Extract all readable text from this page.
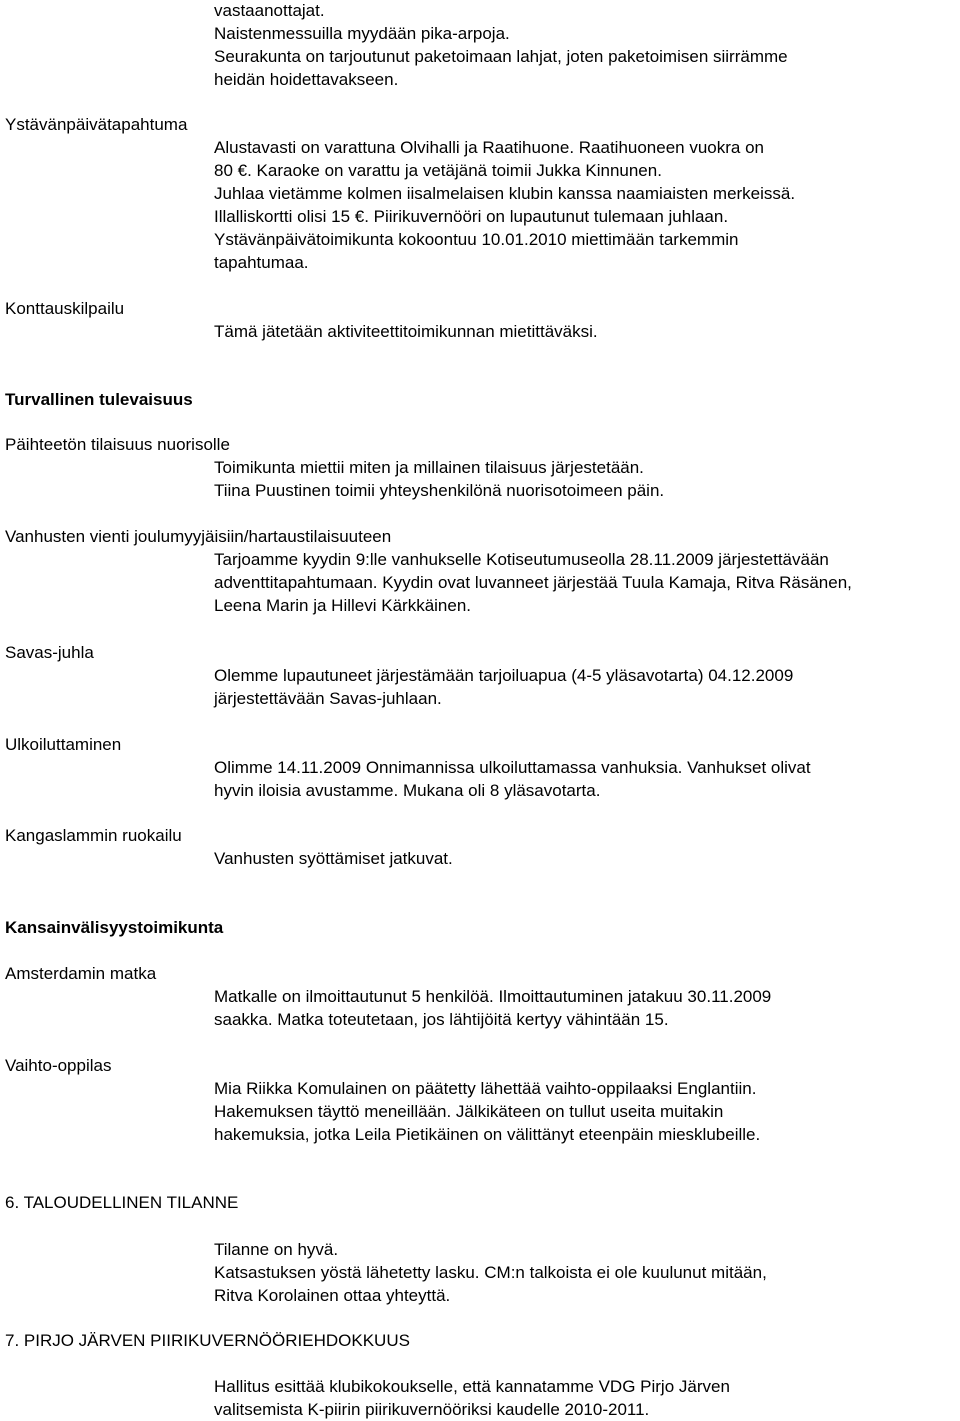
vastaanottajat.

Naistenmessuilla myydään pika-arpoja.

Seurakunta on tarjoutunut paketoimaan lahjat, joten paketoimisen siirrämme

heidän hoidettavakseen.

Ystävänpäivätapahtuma

Alustavasti on varattuna Olvihalli ja Raatihuone. Raatihuoneen vuokra on

80 €. Karaoke on varattu ja vetäjänä toimii Jukka Kinnunen.

Juhlaa vietämme kolmen iisalmelaisen klubin kanssa naamiaisten merkeissä.

Illalliskortti olisi 15 €. Piirikuvernööri on lupautunut tulemaan juhlaan.

Ystävänpäivätoimikunta kokoontuu 10.01.2010 miettimään tarkemmin

tapahtumaa.

Konttauskilpailu

Tämä jätetään aktiviteettitoimikunnan mietittäväksi.

Turvallinen tulevaisuus

Päihteetön tilaisuus nuorisolle

Toimikunta miettii miten ja millainen tilaisuus järjestetään.

Tiina Puustinen toimii yhteyshenkilönä nuorisotoimeen päin.

Vanhusten vienti joulumyyjäisiin/hartaustilaisuuteen

Tarjoamme kyydin 9:lle vanhukselle Kotiseutumuseolla 28.11.2009 järjestettävään

adventtitapahtumaan. Kyydin ovat luvanneet järjestää Tuula Kamaja, Ritva Räsänen,

Leena Marin ja Hillevi Kärkkäinen.

Savas-juhla

Olemme lupautuneet järjestämään tarjoiluapua (4-5 yläsavotarta) 04.12.2009

järjestettävään Savas-juhlaan.

Ulkoiluttaminen

Olimme 14.11.2009 Onnimannissa ulkoiluttamassa vanhuksia. Vanhukset olivat

hyvin iloisia avustamme. Mukana oli 8 yläsavotarta.

Kangaslammin ruokailu

Vanhusten syöttämiset jatkuvat.

Kansainvälisyystoimikunta

Amsterdamin matka

Matkalle on ilmoittautunut 5 henkilöä. Ilmoittautuminen jatakuu 30.11.2009

saakka. Matka toteutetaan, jos lähtijöitä kertyy vähintään 15.

Vaihto-oppilas

Mia Riikka Komulainen on päätetty lähettää vaihto-oppilaaksi Englantiin.

Hakemuksen täyttö meneillään. Jälkikäteen on tullut useita muitakin

hakemuksia, jotka Leila Pietikäinen on välittänyt eteenpäin miesklubeille.

6. TALOUDELLINEN TILANNE

Tilanne on hyvä.

Katsastuksen yöstä lähetetty lasku. CM:n talkoista ei ole kuulunut mitään,

Ritva Korolainen ottaa yhteyttä.

7. PIRJO JÄRVEN PIIRIKUVERNÖÖRIEHDOKKUUS

Hallitus esittää klubikokoukselle, että kannatamme VDG Pirjo Järven

valitsemista K-piirin piirikuvernööriksi kaudelle 2010-2011.
